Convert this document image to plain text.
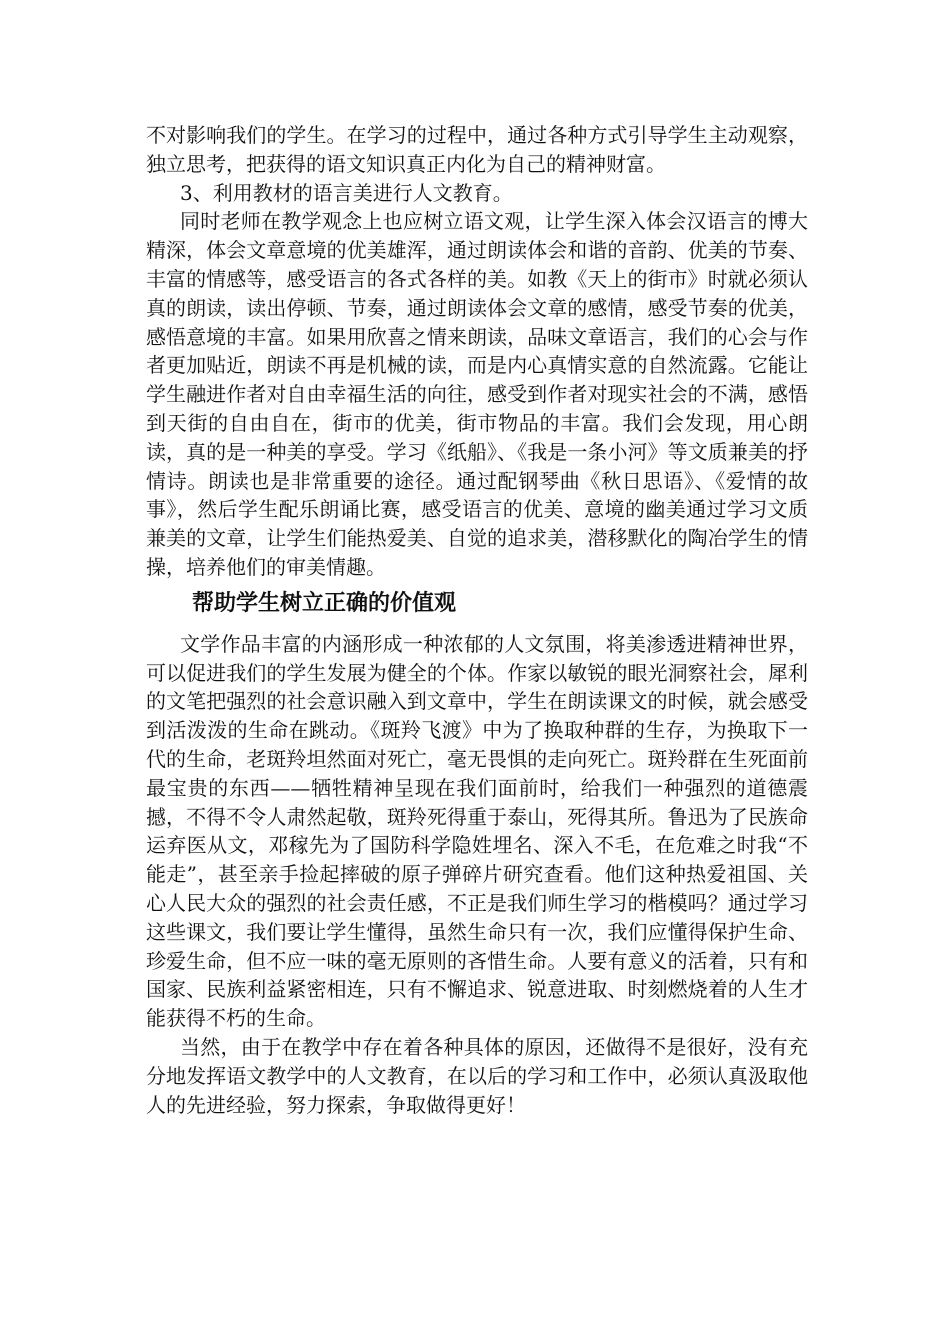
不对影响我们的学生。在学习的过程中，通过各种方式引导学生主动观察，独立思考，把获得的语文知识真正内化为自己的精神财富。

3、利用教材的语言美进行人文教育。

同时老师在教学观念上也应树立语文观，让学生深入体会汉语言的博大精深，体会文章意境的优美雄浑，通过朗读体会和谐的音韵、优美的节奏、丰富的情感等，感受语言的各式各样的美。如教《天上的街市》时就必须认真的朗读，读出停顿、节奏，通过朗读体会文章的感情，感受节奏的优美，感悟意境的丰富。如果用欣喜之情来朗读，品味文章语言，我们的心会与作者更加贴近，朗读不再是机械的读，而是内心真情实意的自然流露。它能让学生融进作者对自由幸福生活的向往，感受到作者对现实社会的不满，感悟到天街的自由自在，街市的优美，街市物品的丰富。我们会发现，用心朗读，真的是一种美的享受。学习《纸船》、《我是一条小河》等文质兼美的抒情诗。朗读也是非常重要的途径。通过配钢琴曲《秋日思语》、《爱情的故事》，然后学生配乐朗诵比赛，感受语言的优美、意境的幽美通过学习文质兼美的文章，让学生们能热爱美、自觉的追求美，潜移默化的陶冶学生的情操，培养他们的审美情趣。

帮助学生树立正确的价值观

文学作品丰富的内涵形成一种浓郁的人文氛围，将美渗透进精神世界，可以促进我们的学生发展为健全的个体。作家以敏锐的眼光洞察社会，犀利的文笔把强烈的社会意识融入到文章中，学生在朗读课文的时候，就会感受到活泼泼的生命在跳动。《斑羚飞渡》中为了换取种群的生存，为换取下一代的生命，老斑羚坦然面对死亡，毫无畏惧的走向死亡。斑羚群在生死面前最宝贵的东西——牺牲精神呈现在我们面前时，给我们一种强烈的道德震撼，不得不令人肃然起敬，斑羚死得重于泰山，死得其所。鲁迅为了民族命运弃医从文，邓稼先为了国防科学隐姓埋名、深入不毛，在危难之时我“不能走”，甚至亲手捡起摔破的原子弹碎片研究查看。他们这种热爱祖国、关心人民大众的强烈的社会责任感，不正是我们师生学习的楷模吗？通过学习这些课文，我们要让学生懂得，虽然生命只有一次，我们应懂得保护生命、珍爱生命，但不应一味的毫无原则的吝惜生命。人要有意义的活着，只有和国家、民族利益紧密相连，只有不懈追求、锐意进取、时刻燃烧着的人生才能获得不朽的生命。

当然，由于在教学中存在着各种具体的原因，还做得不是很好，没有充分地发挥语文教学中的人文教育，在以后的学习和工作中，必须认真汲取他人的先进经验，努力探索，争取做得更好！
